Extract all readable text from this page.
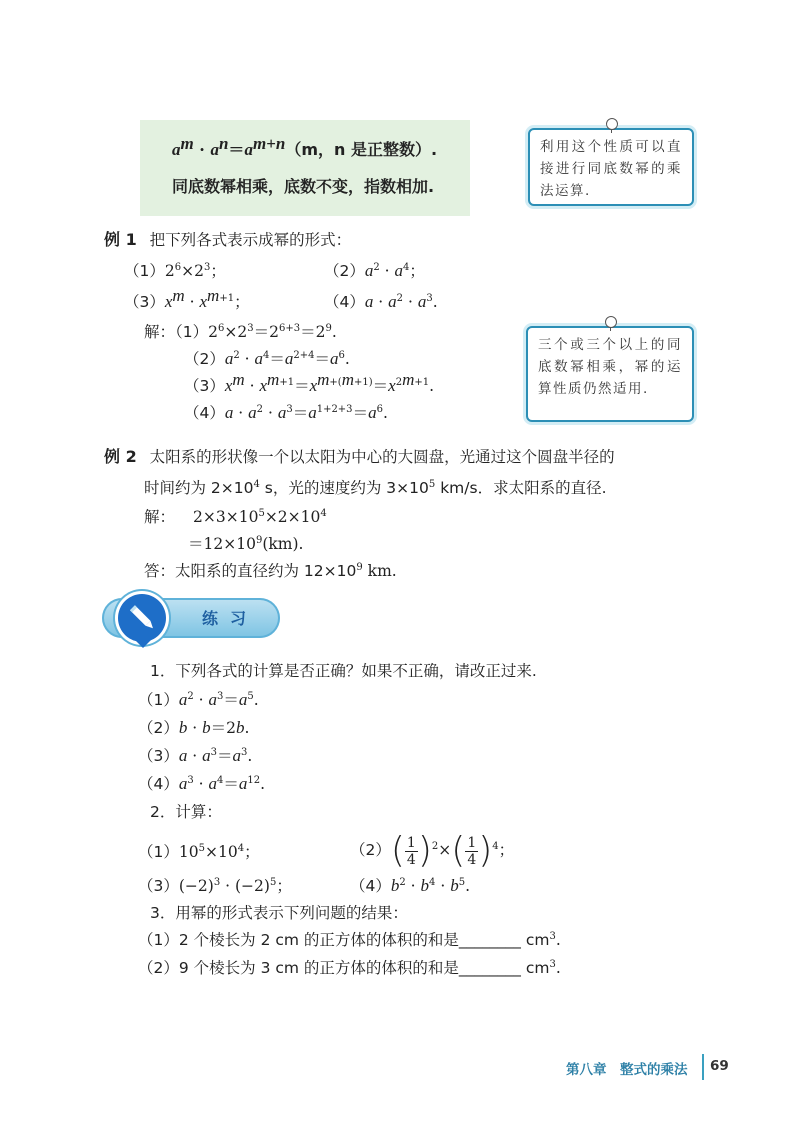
$a^m \cdot a^n=a^{m+n}(m$，n 是正整数）.
同底数幂相乘，底数不变，指数相加.
利用这个性质可以直接进行同底数幂的乘法运算.
例 1 把下列各式表示成幂的形式：
$(1)2^6\times 2^3$；	$(2)a^2 \cdot a^4$；
$(3)x^m \cdot x^{m+1}$；	$(4)a \cdot a^2 \cdot a^3$.
解：$(1)2^6\times 2^3=2^{6+3}=2^9$.
$(2)a^2 \cdot a^4=a^{2+4}=a^6$.
$(3)x^m \cdot x^{m+1}=x^{m+(m+1)}=x^{2m+1}$.
$(4)a \cdot a^2 \cdot a^3=a^{1+2+3}=a^6$.
三个或三个以上的同底数幂相乘，幂的运算性质仍然适用.
例 2 太阳系的形状像一个以太阳为中心的大圆盘，光通过这个圆盘半径的
时间约为 $2\times 10^4$ s，光的速度约为 $3\times 10^5$ km/s．求太阳系的直径.
解： $2\times 3\times 10^5\times 2\times 10^4$
$=12\times 10^9(km)$.
答：太阳系的直径约为 $12\times 10^9$ km.
练习
1．下列各式的计算是否正确？如果不正确，请改正过来.
$(1)a^2 \cdot a^3=a^5$.
（2）b · b＝2b.
$(3)a \cdot a^3=a^3$.
$(4)a^3 \cdot a^4=a^{12}$.
2．计算：
$(1)10^5\times 10^4$；	$(2)( \frac{1}{4} )^2\times( \frac{1}{4} )^4$；
$(3)(-2)^3 \cdot (-2)^5$；	$(4)b^2 \cdot b^4 \cdot b^5$.
3．用幂的形式表示下列问题的结果：
（1）2 个棱长为 2 cm 的正方体的体积的和是________ $cm^3$.
（2）9 个棱长为 3 cm 的正方体的体积的和是________ $cm^3$.
第八章　整式的乘法 69
